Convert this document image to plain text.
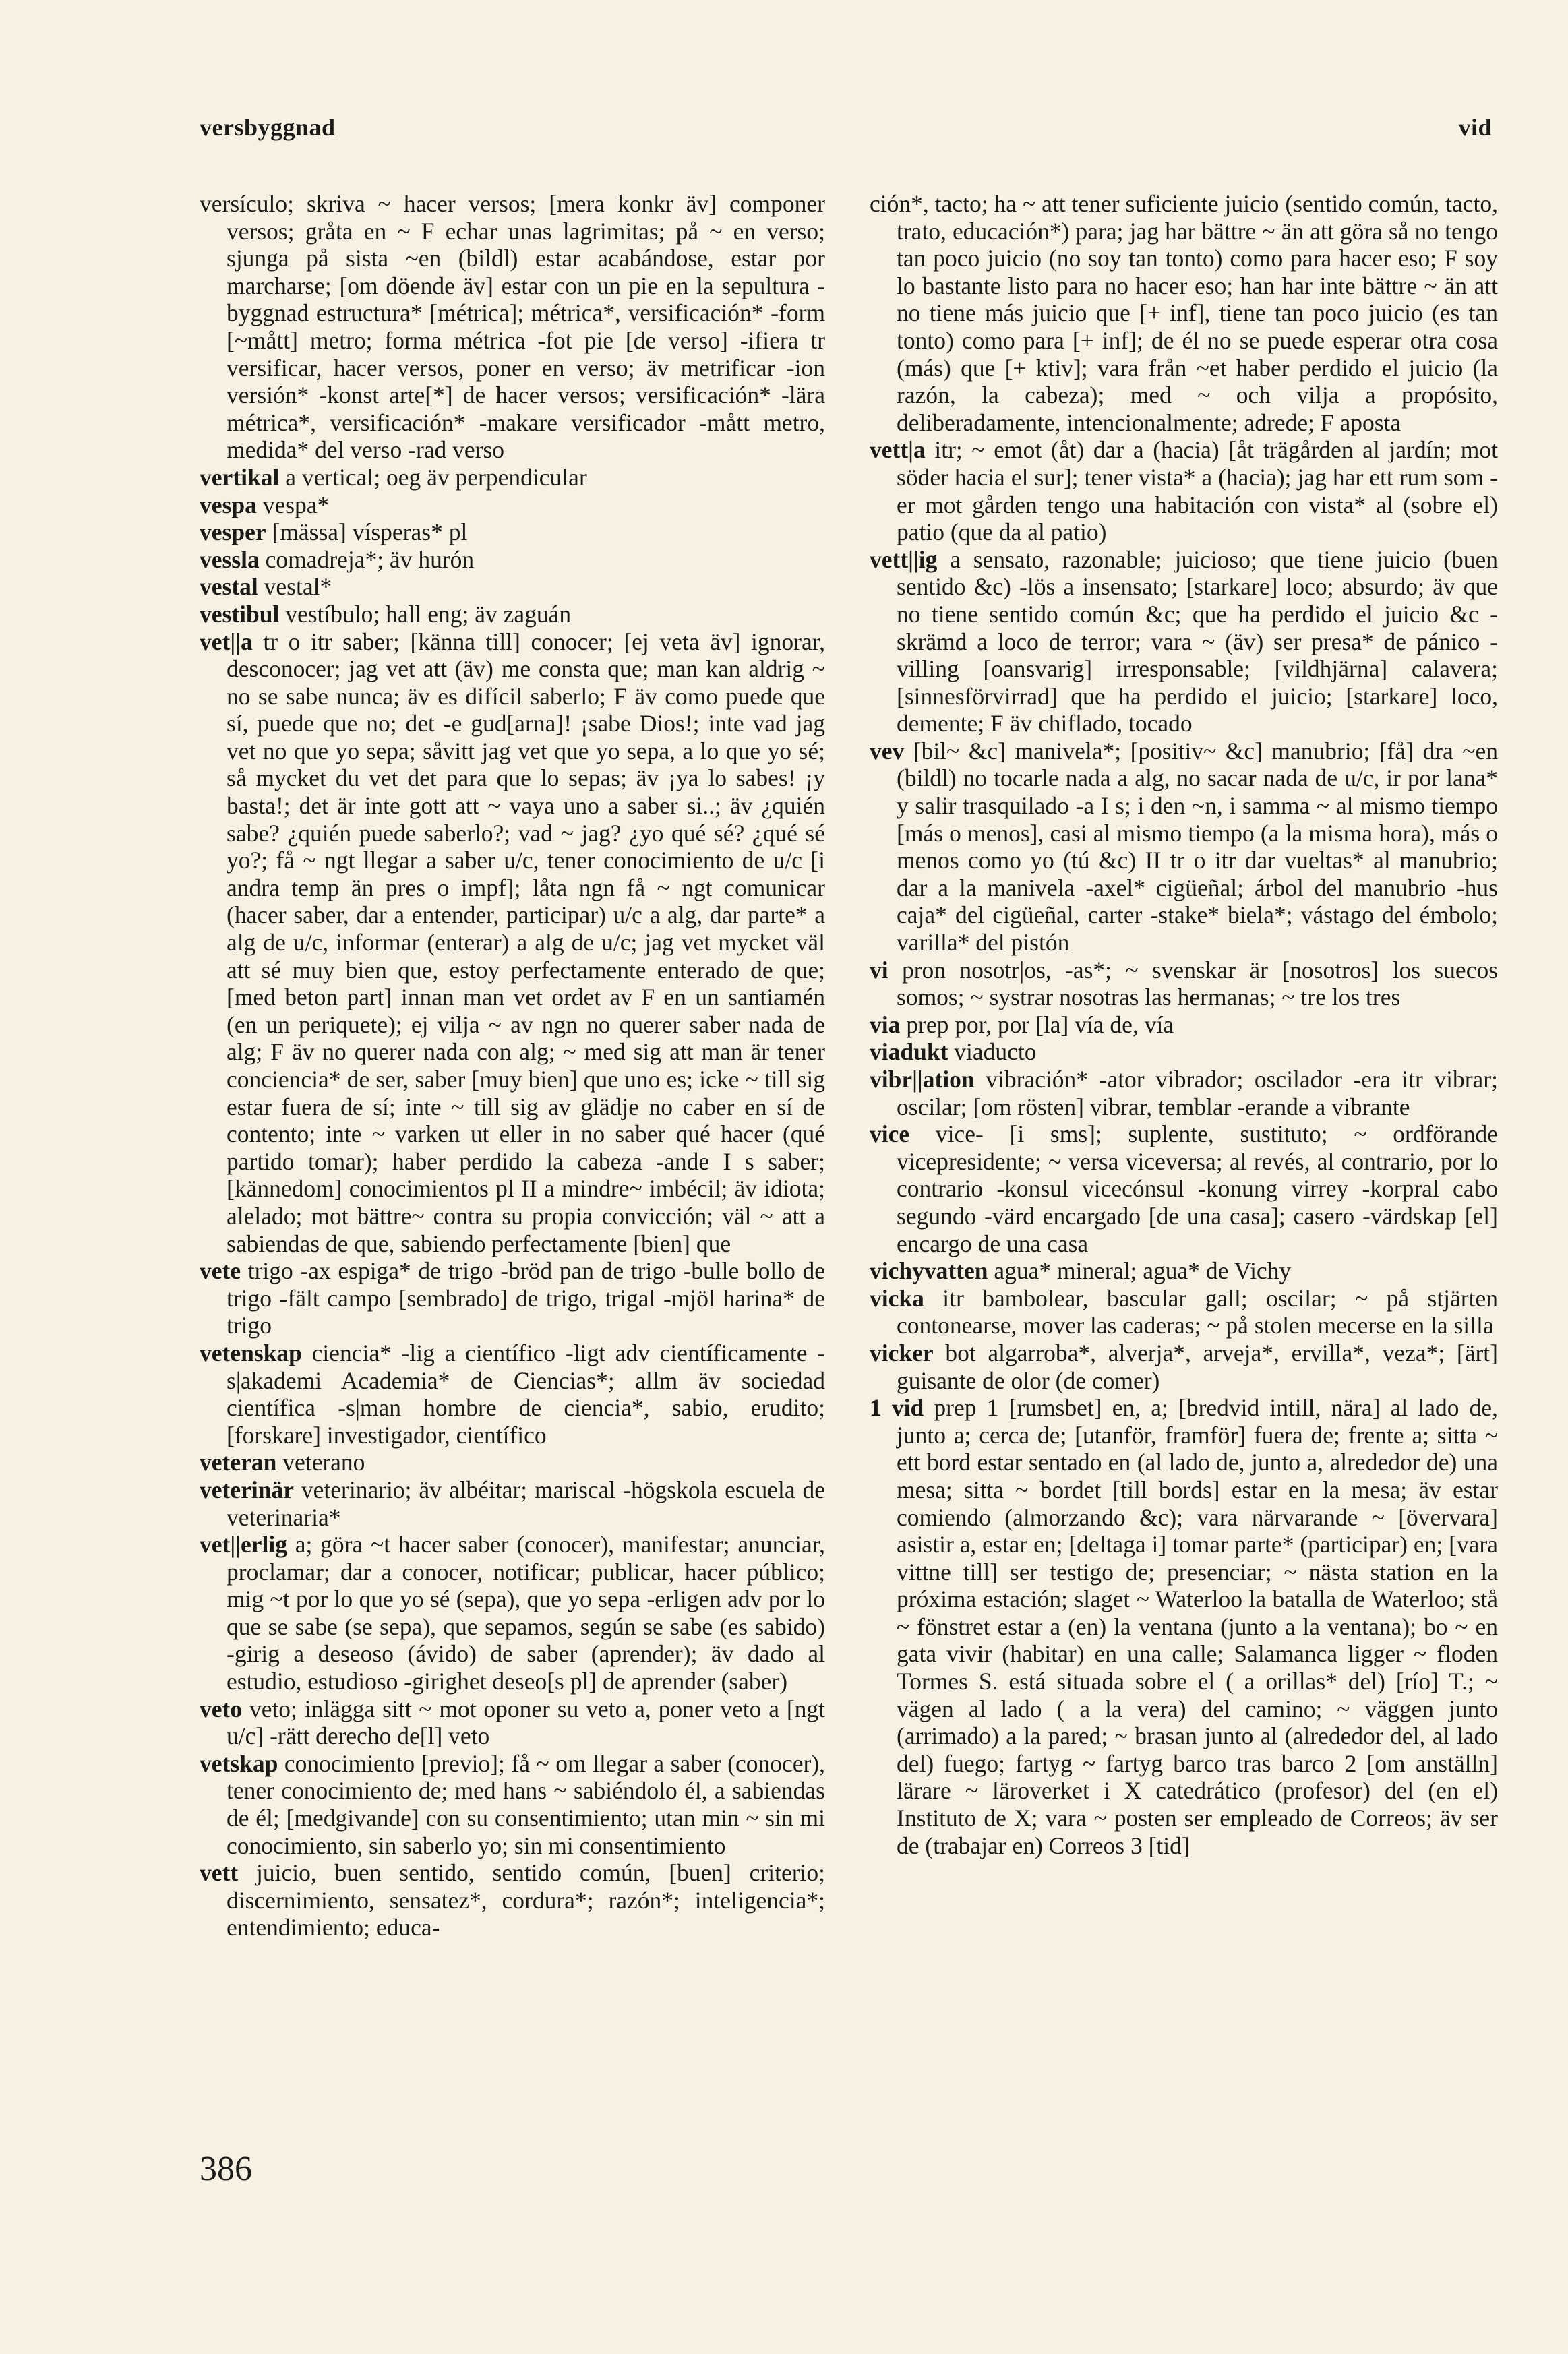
versbyggnad	vid

versículo; skriva ~ hacer versos; [mera konkr äv] componer versos; gråta en ~ F echar unas lagrimitas; på ~ en verso; sjunga på sista ~en (bildl) estar acabándose, estar por marcharse; [om döende äv] estar con un pie en la sepultura -byggnad estructura* [métrica]; métrica*, versificación* -form [~mått] metro; forma métrica -fot pie [de verso] -ifiera tr versificar, hacer versos, poner en verso; äv metrificar -ion versión* -konst arte[*] de hacer versos; versificación* -lära métrica*, versificación* -makare versificador -mått metro, medida* del verso -rad verso

vertikal a vertical; oeg äv perpendicular

vespa vespa*

vesper [mässa] vísperas* pl

vessla comadreja*; äv hurón

vestal vestal*

vestibul vestíbulo; hall eng; äv zaguán

vet||a tr o itr saber; [känna till] conocer; [ej veta äv] ignorar, desconocer; jag vet att (äv) me consta que; man kan aldrig ~ no se sabe nunca; äv es difícil saberlo; F äv como puede que sí, puede que no; det -e gud[arna]! ¡sabe Dios!; inte vad jag vet no que yo sepa; såvitt jag vet que yo sepa, a lo que yo sé; så mycket du vet det para que lo sepas; äv ¡ya lo sabes! ¡y basta!; det är inte gott att ~ vaya uno a saber si..; äv ¿quién sabe? ¿quién puede saberlo?; vad ~ jag? ¿yo qué sé? ¿qué sé yo?; få ~ ngt llegar a saber u/c, tener conocimiento de u/c [i andra temp än pres o impf]; låta ngn få ~ ngt comunicar (hacer saber, dar a entender, participar) u/c a alg, dar parte* a alg de u/c, informar (enterar) a alg de u/c; jag vet mycket väl att sé muy bien que, estoy perfectamente enterado de que; [med beton part] innan man vet ordet av F en un santiamén (en un periquete); ej vilja ~ av ngn no querer saber nada de alg; F äv no querer nada con alg; ~ med sig att man är tener conciencia* de ser, saber [muy bien] que uno es; icke ~ till sig estar fuera de sí; inte ~ till sig av glädje no caber en sí de contento; inte ~ varken ut eller in no saber qué hacer (qué partido tomar); haber perdido la cabeza -ande I s saber; [kännedom] conocimientos pl II a mindre~ imbécil; äv idiota; alelado; mot bättre~ contra su propia convicción; väl ~ att a sabiendas de que, sabiendo perfectamente [bien] que

vete trigo -ax espiga* de trigo -bröd pan de trigo -bulle bollo de trigo -fält campo [sembrado] de trigo, trigal -mjöl harina* de trigo

vetenskap ciencia* -lig a científico -ligt adv científicamente -s|akademi Academia* de Ciencias*; allm äv sociedad científica -s|man hombre de ciencia*, sabio, erudito; [forskare] investigador, científico

veteran veterano

veterinär veterinario; äv albéitar; mariscal -högskola escuela de veterinaria*

vet||erlig a; göra ~t hacer saber (conocer), manifestar; anunciar, proclamar; dar a conocer, notificar; publicar, hacer público; mig ~t por lo que yo sé (sepa), que yo sepa -erligen adv por lo que se sabe (se sepa), que sepamos, según se sabe (es sabido) -girig a deseoso (ávido) de saber (aprender); äv dado al estudio, estudioso -girighet deseo[s pl] de aprender (saber)

veto veto; inlägga sitt ~ mot oponer su veto a, poner veto a [ngt u/c] -rätt derecho de[l] veto

vetskap conocimiento [previo]; få ~ om llegar a saber (conocer), tener conocimiento de; med hans ~ sabiéndolo él, a sabiendas de él; [medgivande] con su consentimiento; utan min ~ sin mi conocimiento, sin saberlo yo; sin mi consentimiento

vett juicio, buen sentido, sentido común, [buen] criterio; discernimiento, sensatez*, cordura*; razón*; inteligencia*; entendimiento; educa-

ción*, tacto; ha ~ att tener suficiente juicio (sentido común, tacto, trato, educación*) para; jag har bättre ~ än att göra så no tengo tan poco juicio (no soy tan tonto) como para hacer eso; F soy lo bastante listo para no hacer eso; han har inte bättre ~ än att no tiene más juicio que [+ inf], tiene tan poco juicio (es tan tonto) como para [+ inf]; de él no se puede esperar otra cosa (más) que [+ ktiv]; vara från ~et haber perdido el juicio (la razón, la cabeza); med ~ och vilja a propósito, deliberadamente, intencionalmente; adrede; F aposta

vett|a itr; ~ emot (åt) dar a (hacia) [åt trägården al jardín; mot söder hacia el sur]; tener vista* a (hacia); jag har ett rum som -er mot gården tengo una habitación con vista* al (sobre el) patio (que da al patio)

vett||ig a sensato, razonable; juicioso; que tiene juicio (buen sentido &c) -lös a insensato; [starkare] loco; absurdo; äv que no tiene sentido común &c; que ha perdido el juicio &c -skrämd a loco de terror; vara ~ (äv) ser presa* de pánico -villing [oansvarig] irresponsable; [vildhjärna] calavera; [sinnesförvirrad] que ha perdido el juicio; [starkare] loco, demente; F äv chiflado, tocado

vev [bil~ &c] manivela*; [positiv~ &c] manubrio; [få] dra ~en (bildl) no tocarle nada a alg, no sacar nada de u/c, ir por lana* y salir trasquilado -a I s; i den ~n, i samma ~ al mismo tiempo [más o menos], casi al mismo tiempo (a la misma hora), más o menos como yo (tú &c) II tr o itr dar vueltas* al manubrio; dar a la manivela -axel* cigüeñal; árbol del manubrio -hus caja* del cigüeñal, carter -stake* biela*; vástago del émbolo; varilla* del pistón

vi pron nosotr|os, -as*; ~ svenskar är [nosotros] los suecos somos; ~ systrar nosotras las hermanas; ~ tre los tres

via prep por, por [la] vía de, vía

viadukt viaducto

vibr||ation vibración* -ator vibrador; oscilador -era itr vibrar; oscilar; [om rösten] vibrar, temblar -erande a vibrante

vice vice- [i sms]; suplente, sustituto; ~ ordförande vicepresidente; ~ versa viceversa; al revés, al contrario, por lo contrario -konsul vicecónsul -konung virrey -korpral cabo segundo -värd encargado [de una casa]; casero -värdskap [el] encargo de una casa

vichyvatten agua* mineral; agua* de Vichy

vicka itr bambolear, bascular gall; oscilar; ~ på stjärten contonearse, mover las caderas; ~ på stolen mecerse en la silla

vicker bot algarroba*, alverja*, arveja*, ervilla*, veza*; [ärt] guisante de olor (de comer)

1 vid prep 1 [rumsbet] en, a; [bredvid intill, nära] al lado de, junto a; cerca de; [utanför, framför] fuera de; frente a; sitta ~ ett bord estar sentado en (al lado de, junto a, alrededor de) una mesa; sitta ~ bordet [till bords] estar en la mesa; äv estar comiendo (almorzando &c); vara närvarande ~ [övervara] asistir a, estar en; [deltaga i] tomar parte* (participar) en; [vara vittne till] ser testigo de; presenciar; ~ nästa station en la próxima estación; slaget ~ Waterloo la batalla de Waterloo; stå ~ fönstret estar a (en) la ventana (junto a la ventana); bo ~ en gata vivir (habitar) en una calle; Salamanca ligger ~ floden Tormes S. está situada sobre el ( a orillas* del) [río] T.; ~ vägen al lado ( a la vera) del camino; ~ väggen junto (arrimado) a la pared; ~ brasan junto al (alrededor del, al lado del) fuego; fartyg ~ fartyg barco tras barco 2 [om anställn] lärare ~ läroverket i X catedrático (profesor) del (en el) Instituto de X; vara ~ posten ser empleado de Correos; äv ser de (trabajar en) Correos 3 [tid]

386
